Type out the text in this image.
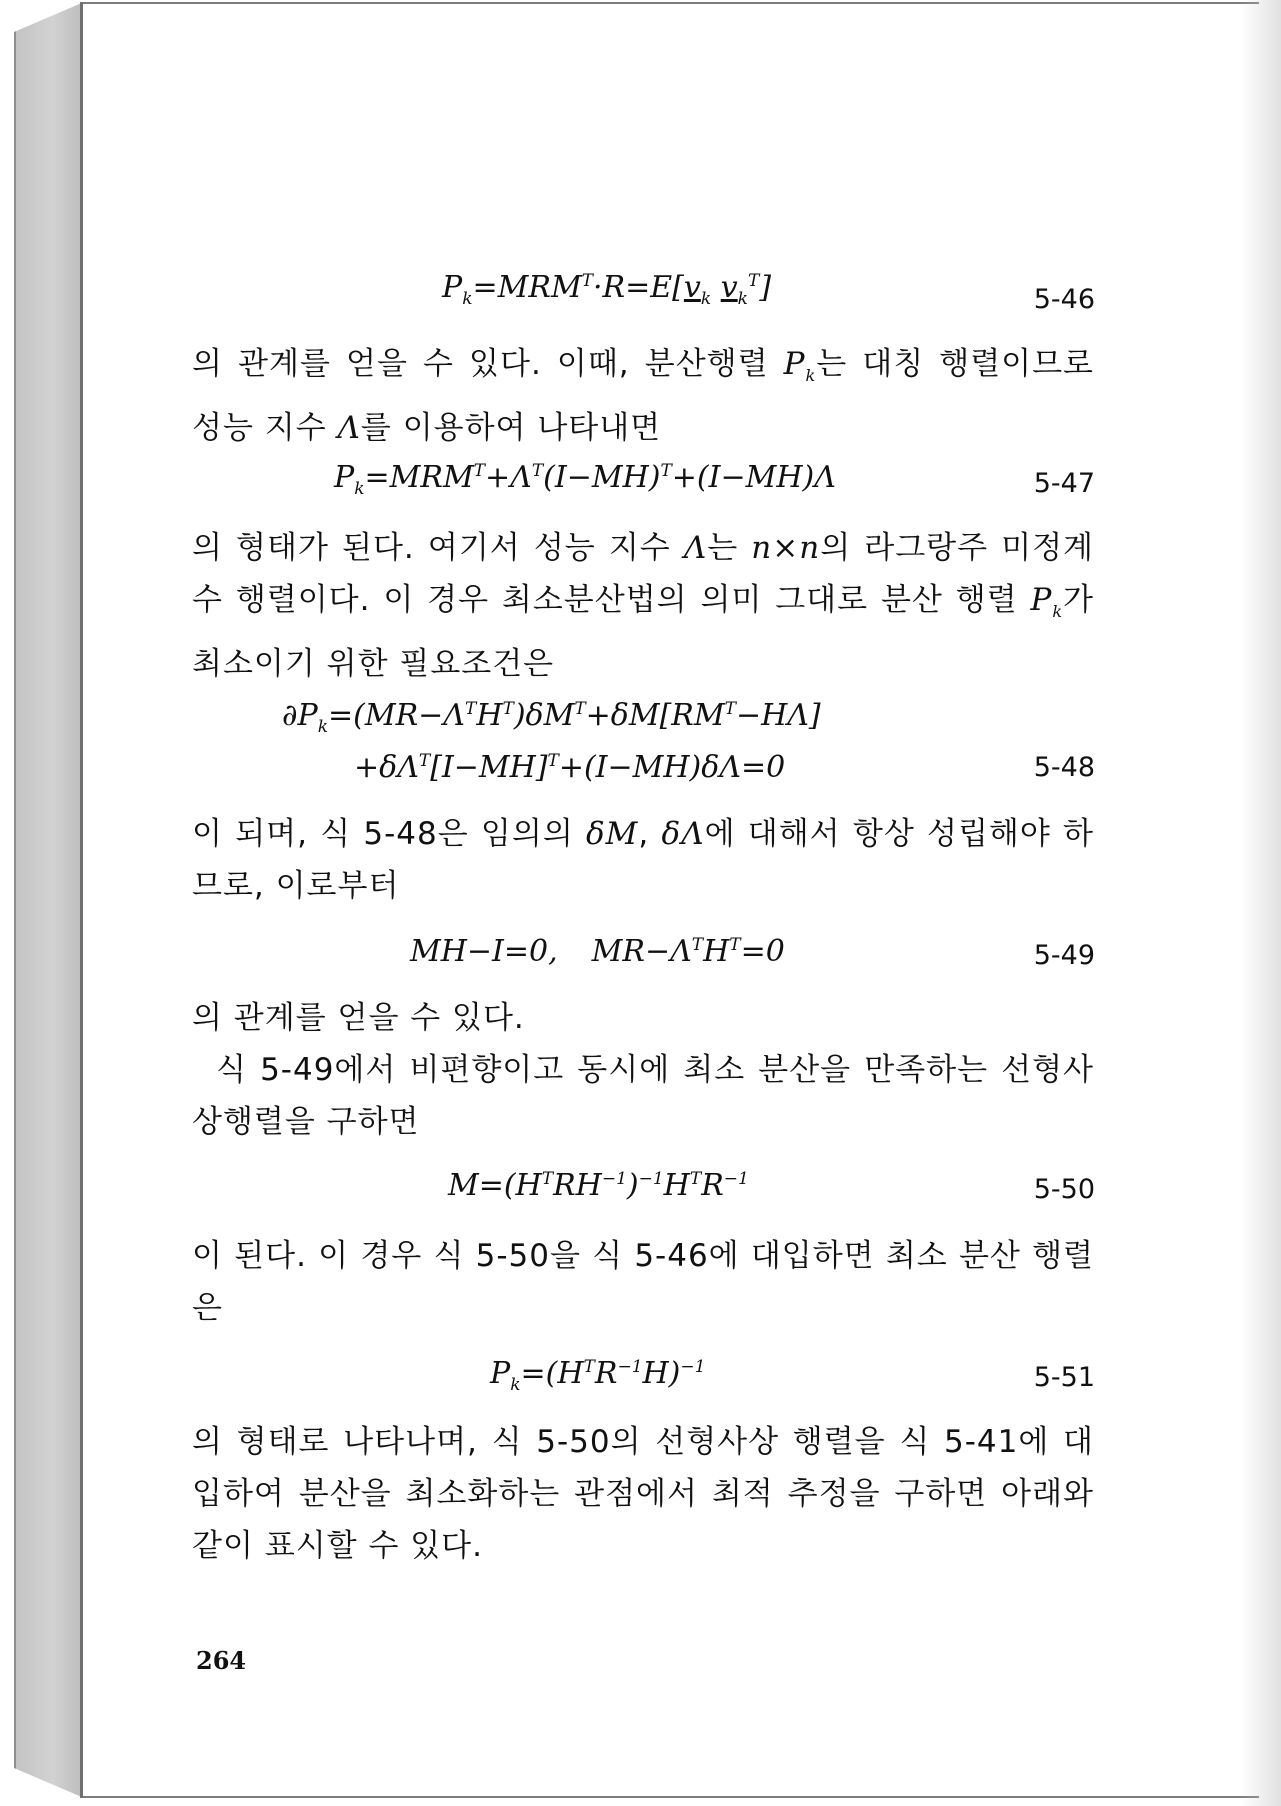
$P_k=MRM^T\cdot R=E[v_k$ $v_k^T$]	5-46
의 관계를 얻을 수 있다. 이때, 분산행렬 $P_k$는 대칭 행렬이므로 성능 지수 Λ를 이용하여 나타내면
$P_k=MRM^T+\Lambda^T(I-MH)^T+(I-MH)\Lambda$	5-47
의 형태가 된다. 여기서 성능 지수 Λ는 n×n의 라그랑주 미정계 수 행렬이다. 이 경우 최소분산법의 의미 그대로 분산 행렬 $P_k$가 최소이기 위한 필요조건은
$\partial P_k=(MR-\Lambda^TH^T)\delta M^T+\delta M[RM^T-H\Lambda]$
$+\delta\Lambda^T[I-MH]^T+(I-MH)\delta\Lambda=0$	5-48
이 되며, 식 5-48은 임의의 δM, δΛ에 대해서 항상 성립해야 하므로, 이로부터
MH−I=0, $MR-\Lambda^TH^T=0$	5-49
의 관계를 얻을 수 있다.
식 5-49에서 비편향이고 동시에 최소 분산을 만족하는 선형사상행렬을 구하면
$M=(H^TRH^{-1})^{-1}H^TR^{-1}$	5-50
이 된다. 이 경우 식 5-50을 식 5-46에 대입하면 최소 분산 행렬은
$P_k=(H^TR^{-1}H)^{-1}$	5-51
의 형태로 나타나며, 식 5-50의 선형사상 행렬을 식 5-41에 대입하여 분산을 최소화하는 관점에서 최적 추정을 구하면 아래와 같이 표시할 수 있다.
264
